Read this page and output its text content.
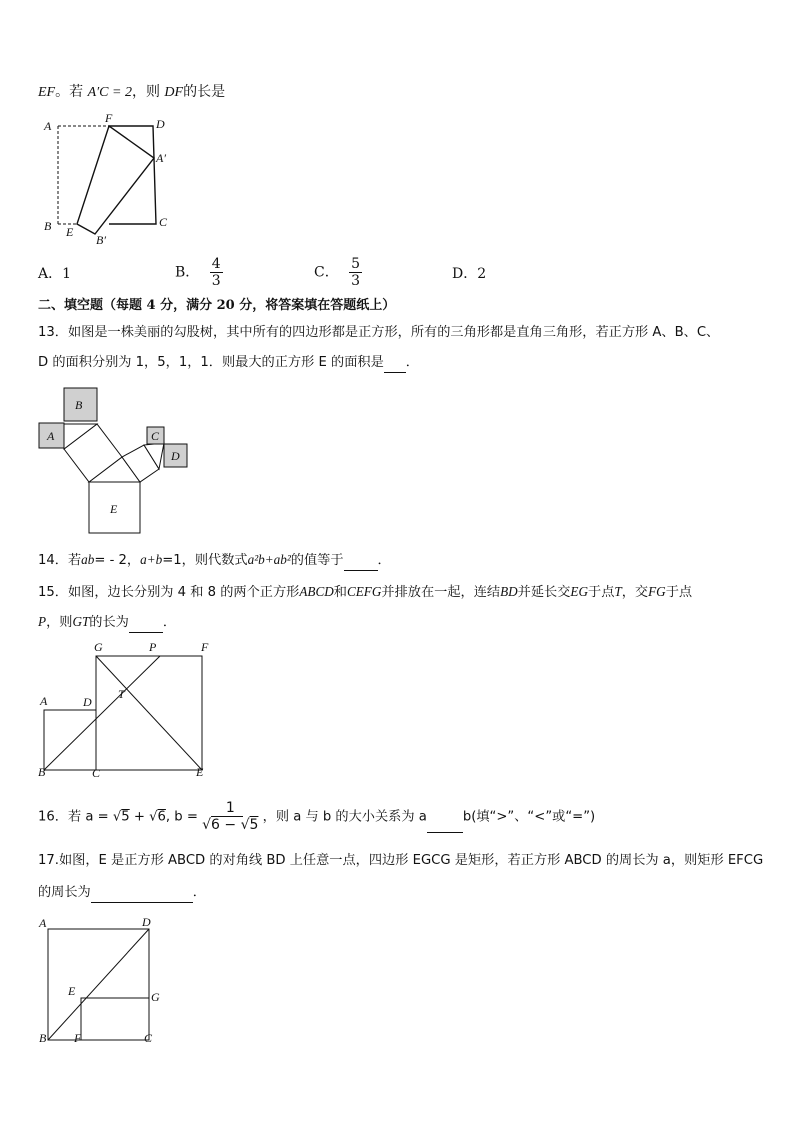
EF。若 A′C = 2，则 DF的长是
A
F	D
A′
B E
B′
C
A．1	B． $\frac{4}{3}$	C． $\frac{5}{3}$	D．2
二、填空题（每题 4 分，满分 20 分，将答案填在答题纸上）
13．如图是一株美丽的勾股树，其中所有的四边形都是正方形，所有的三角形都是直角三角形，若正方形 A、B、C、
D 的面积分别为 1，5，1，1．则最大的正方形 E 的面积是 ．
A
B
C
D
E
14．若ab= - 2，a+b=1，则代数式a²b+ab²的值等于	．
15．如图，边长分别为 4 和 8 的两个正方形ABCD和CEFG并排放在一起，连结BD并延长交EG于点T，交FG于点
P，则GT的长为	．
G	P	F
A	D
T
B	C	E
16．若 a = √5 + √6, $b = \frac{1}{√6 - √5}$ ，则 a 与 b 的大小关系为 a	b(填“>”、“<”或“=”)
17.如图，E 是正方形 ABCD 的对角线 BD 上任意一点，四边形 EGCG 是矩形，若正方形 ABCD 的周长为 a，则矩形 EFCG
的周长为	．
A	D
E	G
B F	C
